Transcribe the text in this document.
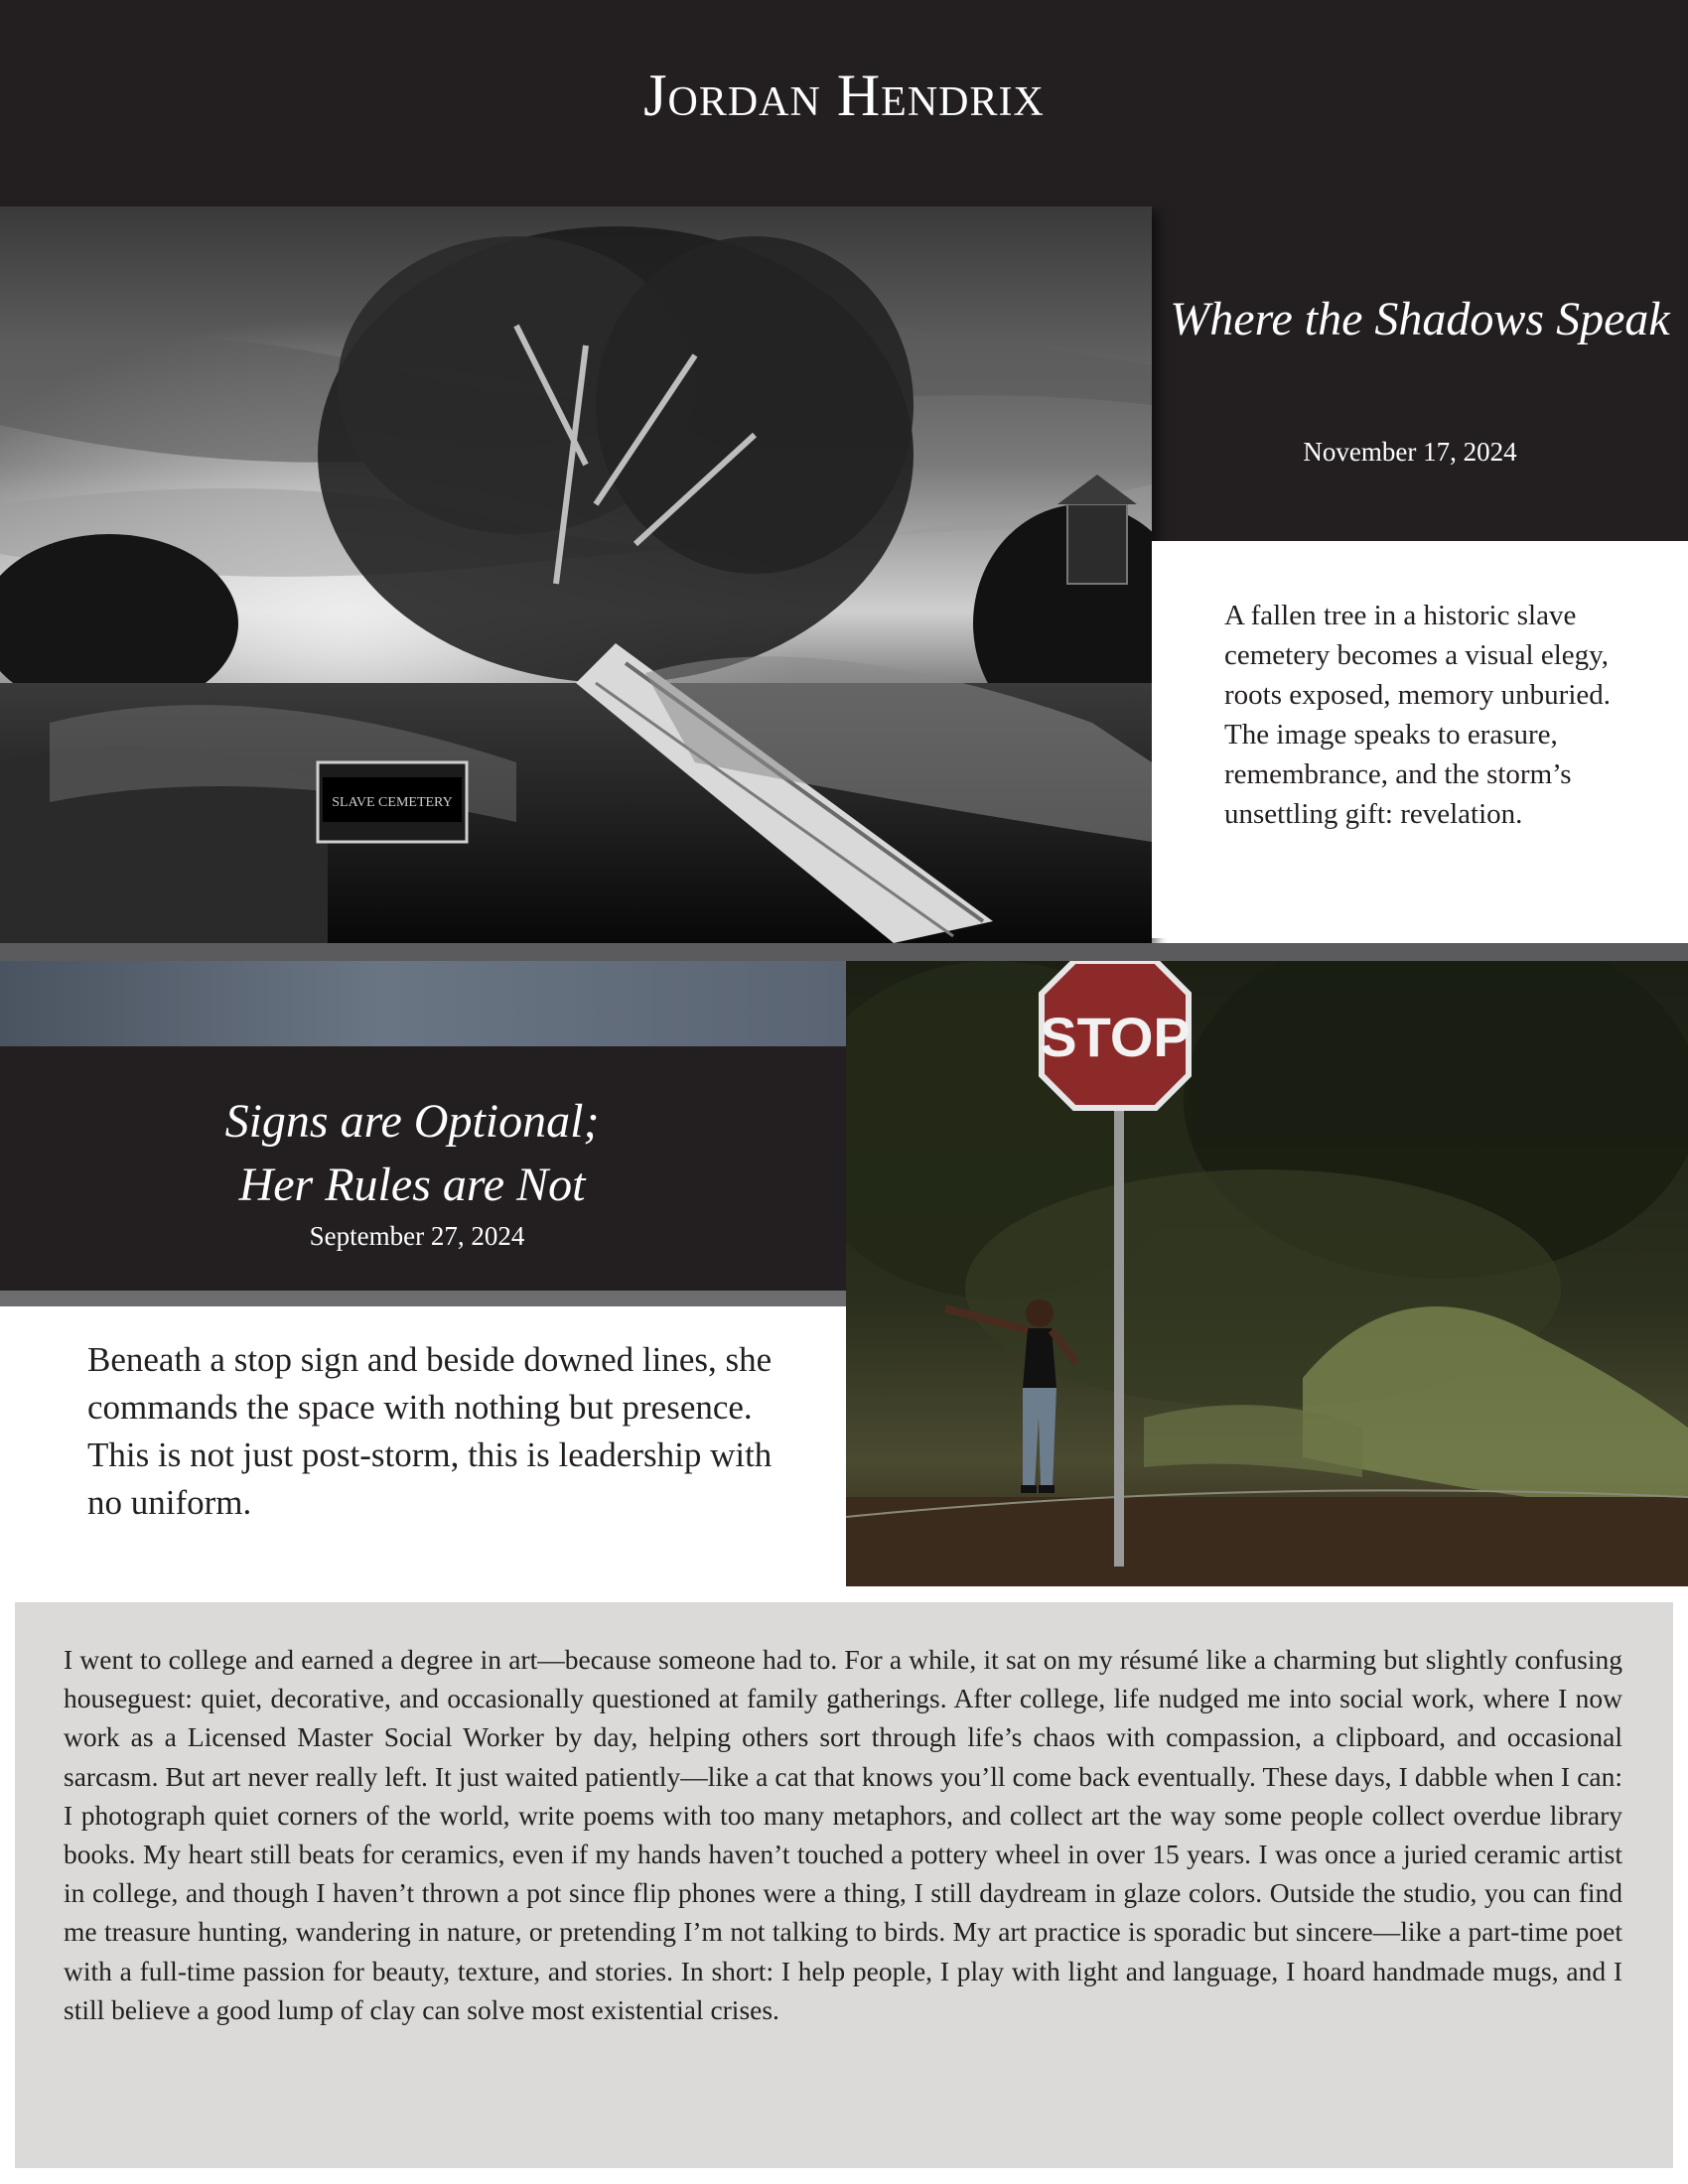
Jordan Hendrix
SLAVE CEMETERY
Where the Shadows Speak
November 17, 2024
A fallen tree in a historic slave cemetery becomes a visual elegy, roots exposed, memory unburied. The image speaks to erasure, remembrance, and the storm’s unsettling gift: revelation.
Signs are Optional;
Her Rules are Not
September 27, 2024
Beneath a stop sign and beside downed lines, she commands the space with nothing but presence. This is not just post-storm, this is leadership with no uniform.
STOP
I went to college and earned a degree in art—because someone had to. For a while, it sat on my résumé like a charming but slightly confusing houseguest: quiet, decorative, and occasionally questioned at family gatherings. After college, life nudged me into social work, where I now work as a Licensed Master Social Worker by day, helping others sort through life’s chaos with compassion, a clipboard, and occasional sarcasm. But art never really left. It just waited patiently—like a cat that knows you’ll come back eventually. These days, I dabble when I can: I photograph quiet corners of the world, write poems with too many metaphors, and collect art the way some people collect overdue library books. My heart still beats for ceramics, even if my hands haven’t touched a pottery wheel in over 15 years. I was once a juried ceramic artist in college, and though I haven’t thrown a pot since flip phones were a thing, I still daydream in glaze colors. Outside the studio, you can find me treasure hunting, wandering in nature, or pretending I’m not talking to birds. My art practice is sporadic but sincere—like a part-time poet with a full-time passion for beauty, texture, and stories. In short: I help people, I play with light and language, I hoard handmade mugs, and I still believe a good lump of clay can solve most existential crises.
